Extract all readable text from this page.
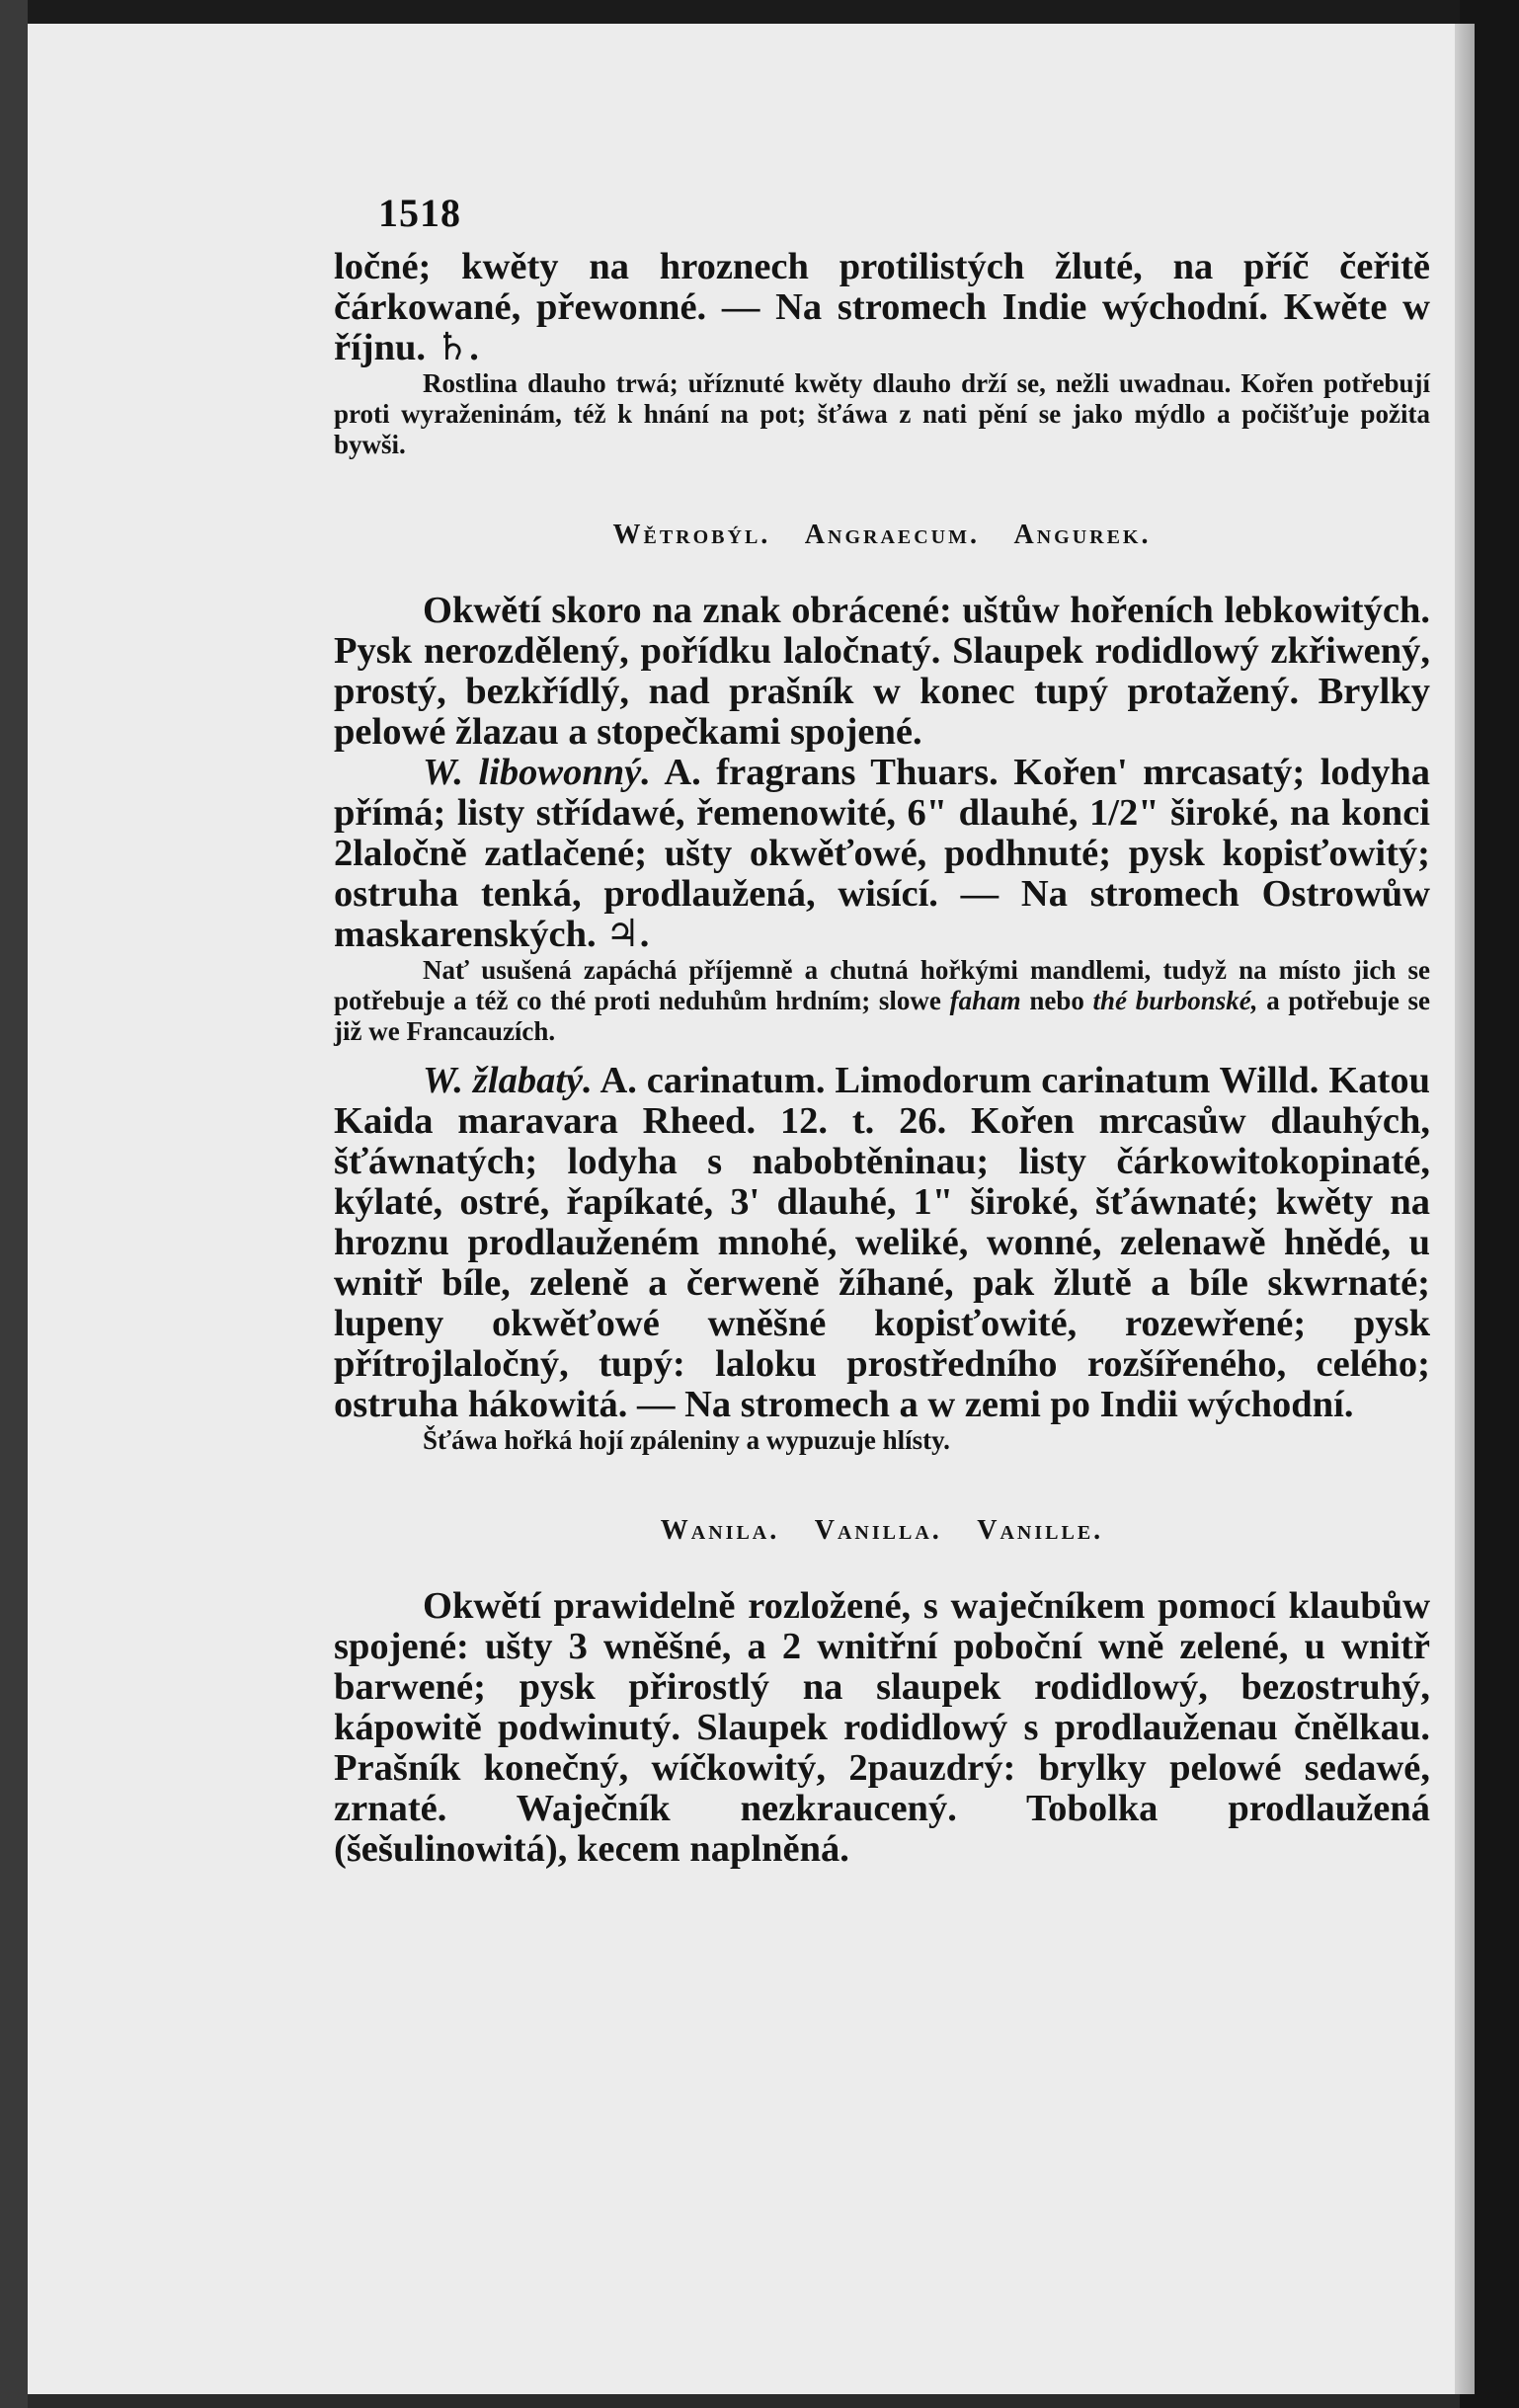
1518

ločné; kwěty na hroznech protilistých žluté, na příč čeřitě čárkowané, přewonné. — Na stromech Indie wýchodní. Kwěte w říjnu. ♄.

Rostlina dlauho trwá; uříznuté kwěty dlauho drží se, nežli uwadnau. Kořen potřebují proti wyraženinám, též k hnání na pot; šťáwa z nati pění se jako mýdlo a počišťuje požita bywši.

Wětrobýl. Angraecum. Angurek.

Okwětí skoro na znak obrácené: uštůw hořeních lebkowitých. Pysk nerozdělený, pořídku laločnatý. Slaupek rodidlowý zkřiwený, prostý, bezkřídlý, nad prašník w konec tupý protažený. Brylky pelowé žlazau a stopečkami spojené.

W. libowonný. A. fragrans Thuars. Kořen' mrcasatý; lodyha přímá; listy střídawé, řemenowité, 6" dlauhé, 1/2" široké, na konci 2laločně zatlačené; ušty okwěťowé, podhnuté; pysk kopisťowitý; ostruha tenká, prodlaužená, wisící. — Na stromech Ostrowůw maskarenských. ♃.

Nať usušená zapáchá příjemně a chutná hořkými mandlemi, tudyž na místo jich se potřebuje a též co thé proti neduhům hrdním; slowe faham nebo thé burbonské, a potřebuje se již we Francauzích.

W. žlabatý. A. carinatum. Limodorum carinatum Willd. Katou Kaida maravara Rheed. 12. t. 26. Kořen mrcasůw dlauhých, šťáwnatých; lodyha s nabobtěninau; listy čárkowitokopinaté, kýlaté, ostré, řapíkaté, 3' dlauhé, 1" široké, šťáwnaté; kwěty na hroznu prodlauženém mnohé, weliké, wonné, zelenawě hnědé, u wnitř bíle, zeleně a čerweně žíhané, pak žlutě a bíle skwrnaté; lupeny okwěťowé wněšné kopisťowité, rozewřené; pysk přítrojlaločný, tupý: laloku prostředního rozšířeného, celého; ostruha hákowitá. — Na stromech a w zemi po Indii wýchodní.

Šťáwa hořká hojí zpáleniny a wypuzuje hlísty.

Wanila. Vanilla. Vanille.

Okwětí prawidelně rozložené, s waječníkem pomocí klaubůw spojené: ušty 3 wněšné, a 2 wnitřní poboční wně zelené, u wnitř barwené; pysk přirostlý na slaupek rodidlowý, bezostruhý, kápowitě podwinutý. Slaupek rodidlowý s prodlauženau čnělkau. Prašník konečný, wíčkowitý, 2pauzdrý: brylky pelowé sedawé, zrnaté. Waječník nezkraucený. Tobolka prodlaužená (šešulinowitá), kecem naplněná.
